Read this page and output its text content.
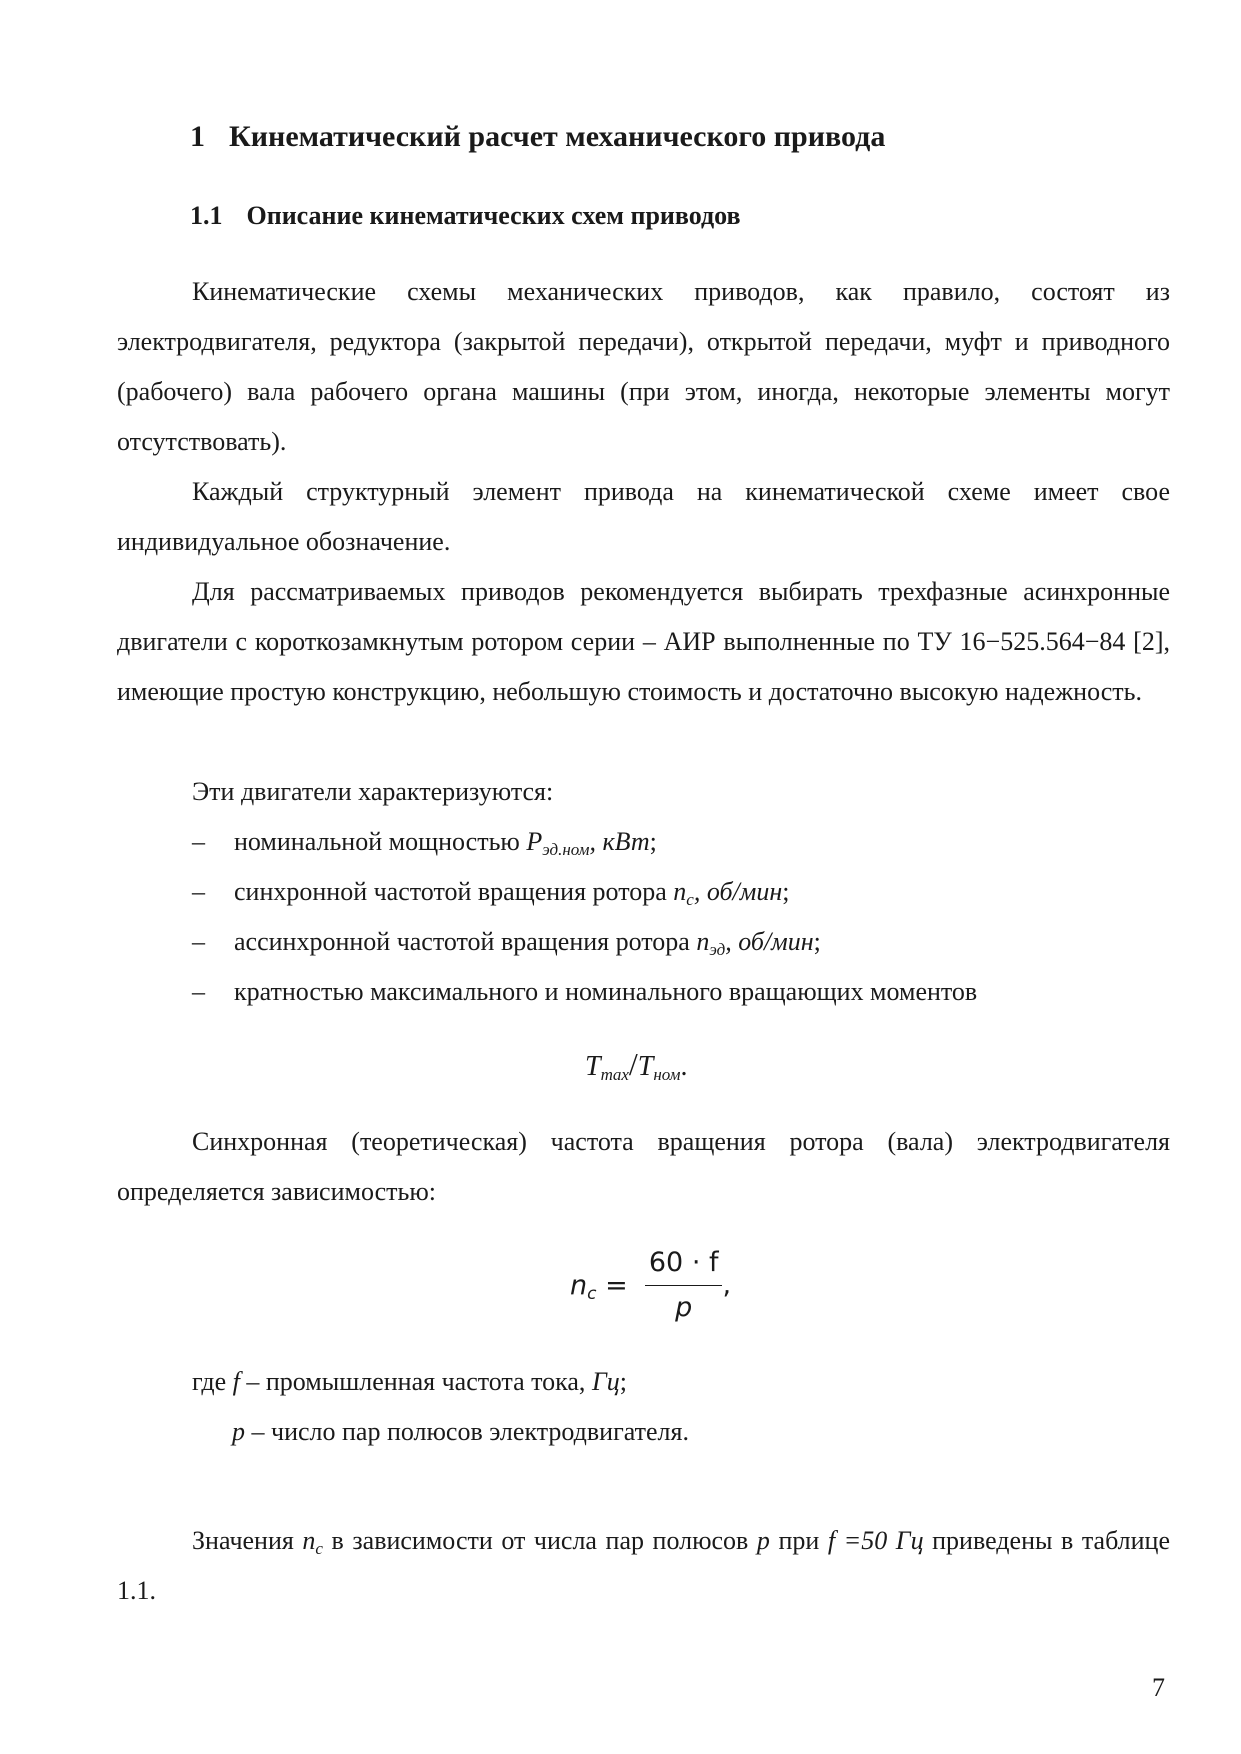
1 Кинематический расчет механического привода
1.1 Описание кинематических схем приводов
Кинематические схемы механических приводов, как правило, состоят из электродвигателя, редуктора (закрытой передачи), открытой передачи, муфт и приводного (рабочего) вала рабочего органа машины (при этом, иногда, некоторые элементы могут отсутствовать).
Каждый структурный элемент привода на кинематической схеме имеет свое индивидуальное обозначение.
Для рассматриваемых приводов рекомендуется выбирать трехфазные асинхронные двигатели с короткозамкнутым ротором серии – АИР выполненные по ТУ 16−525.564−84 [2], имеющие простую конструкцию, небольшую стоимость и достаточно высокую надежность.
Эти двигатели характеризуются:
– номинальной мощностью $P_{эд.ном}$, кВт;
– синхронной частотой вращения ротора $n_c$, об/мин;
– ассинхронной частотой вращения ротора $n_{эд}$, об/мин;
– кратностью максимального и номинального вращающих моментов
$T_{max}/T_{ном}$.
Синхронная (теоретическая) частота вращения ротора (вала) электродвигателя определяется зависимостью:
$n_c = \frac{60 \cdot f}{p}$ ,
где f – промышленная частота тока, Гц;
p – число пар полюсов электродвигателя.
Значения $n_c$ в зависимости от числа пар полюсов p при f =50 Гц приведены в таблице 1.1.
7
